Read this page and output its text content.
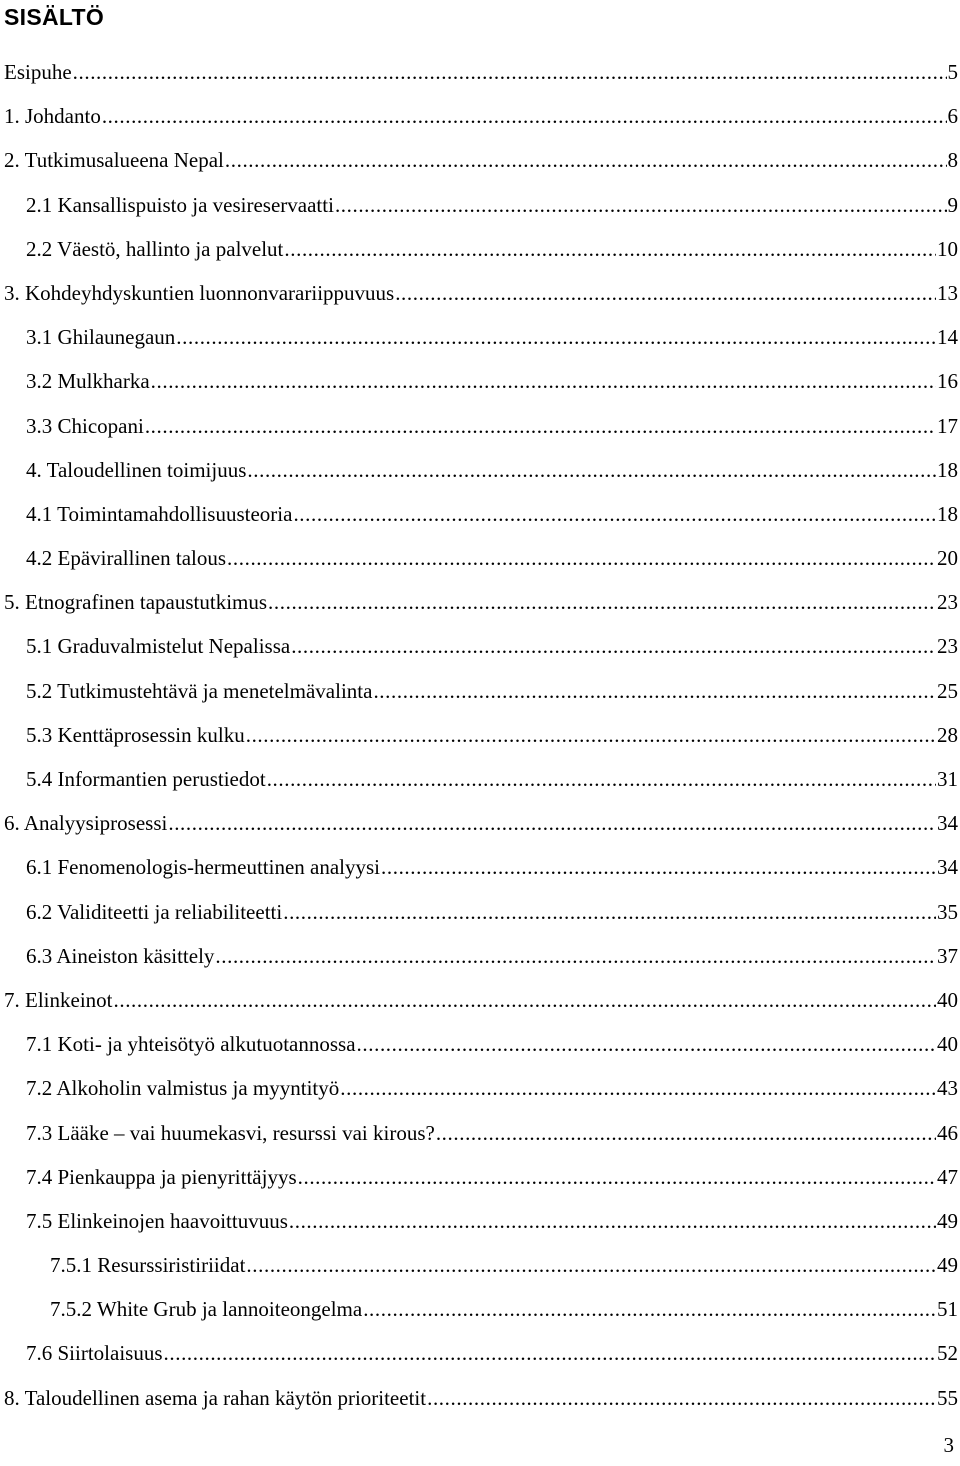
SISÄLTÖ
Esipuhe .....	5
1. Johdanto .....	6
2. Tutkimusalueena Nepal .....	8
2.1 Kansallispuisto ja vesireservaatti .....	9
2.2 Väestö, hallinto ja palvelut .....	10
3. Kohdeyhdyskuntien luonnonvarariippuvuus .....	13
3.1 Ghilaunegaun .....	14
3.2 Mulkharka .....	16
3.3 Chicopani .....	17
4. Taloudellinen toimijuus .....	18
4.1 Toimintamahdollisuusteoria .....	18
4.2 Epävirallinen talous .....	20
5. Etnografinen tapaustutkimus .....	23
5.1 Graduvalmistelut Nepalissa .....	23
5.2 Tutkimustehtävä ja menetelmävalinta .....	25
5.3 Kenttäprosessin kulku .....	28
5.4 Informantien perustiedot .....	31
6. Analyysiprosessi .....	34
6.1 Fenomenologis-hermeuttinen analyysi .....	34
6.2 Validiteetti ja reliabiliteetti .....	35
6.3 Aineiston käsittely .....	37
7. Elinkeinot .....	40
7.1 Koti- ja yhteisötyö alkutuotannossa .....	40
7.2 Alkoholin valmistus ja myyntityö .....	43
7.3 Lääke – vai huumekasvi, resurssi vai kirous? .....	46
7.4 Pienkauppa ja pienyrittäjyys .....	47
7.5 Elinkeinojen haavoittuvuus .....	49
7.5.1 Resurssiristiriidat .....	49
7.5.2 White Grub ja lannoiteongelma .....	51
7.6 Siirtolaisuus .....	52
8. Taloudellinen asema ja rahan käytön prioriteetit .....	55
3
